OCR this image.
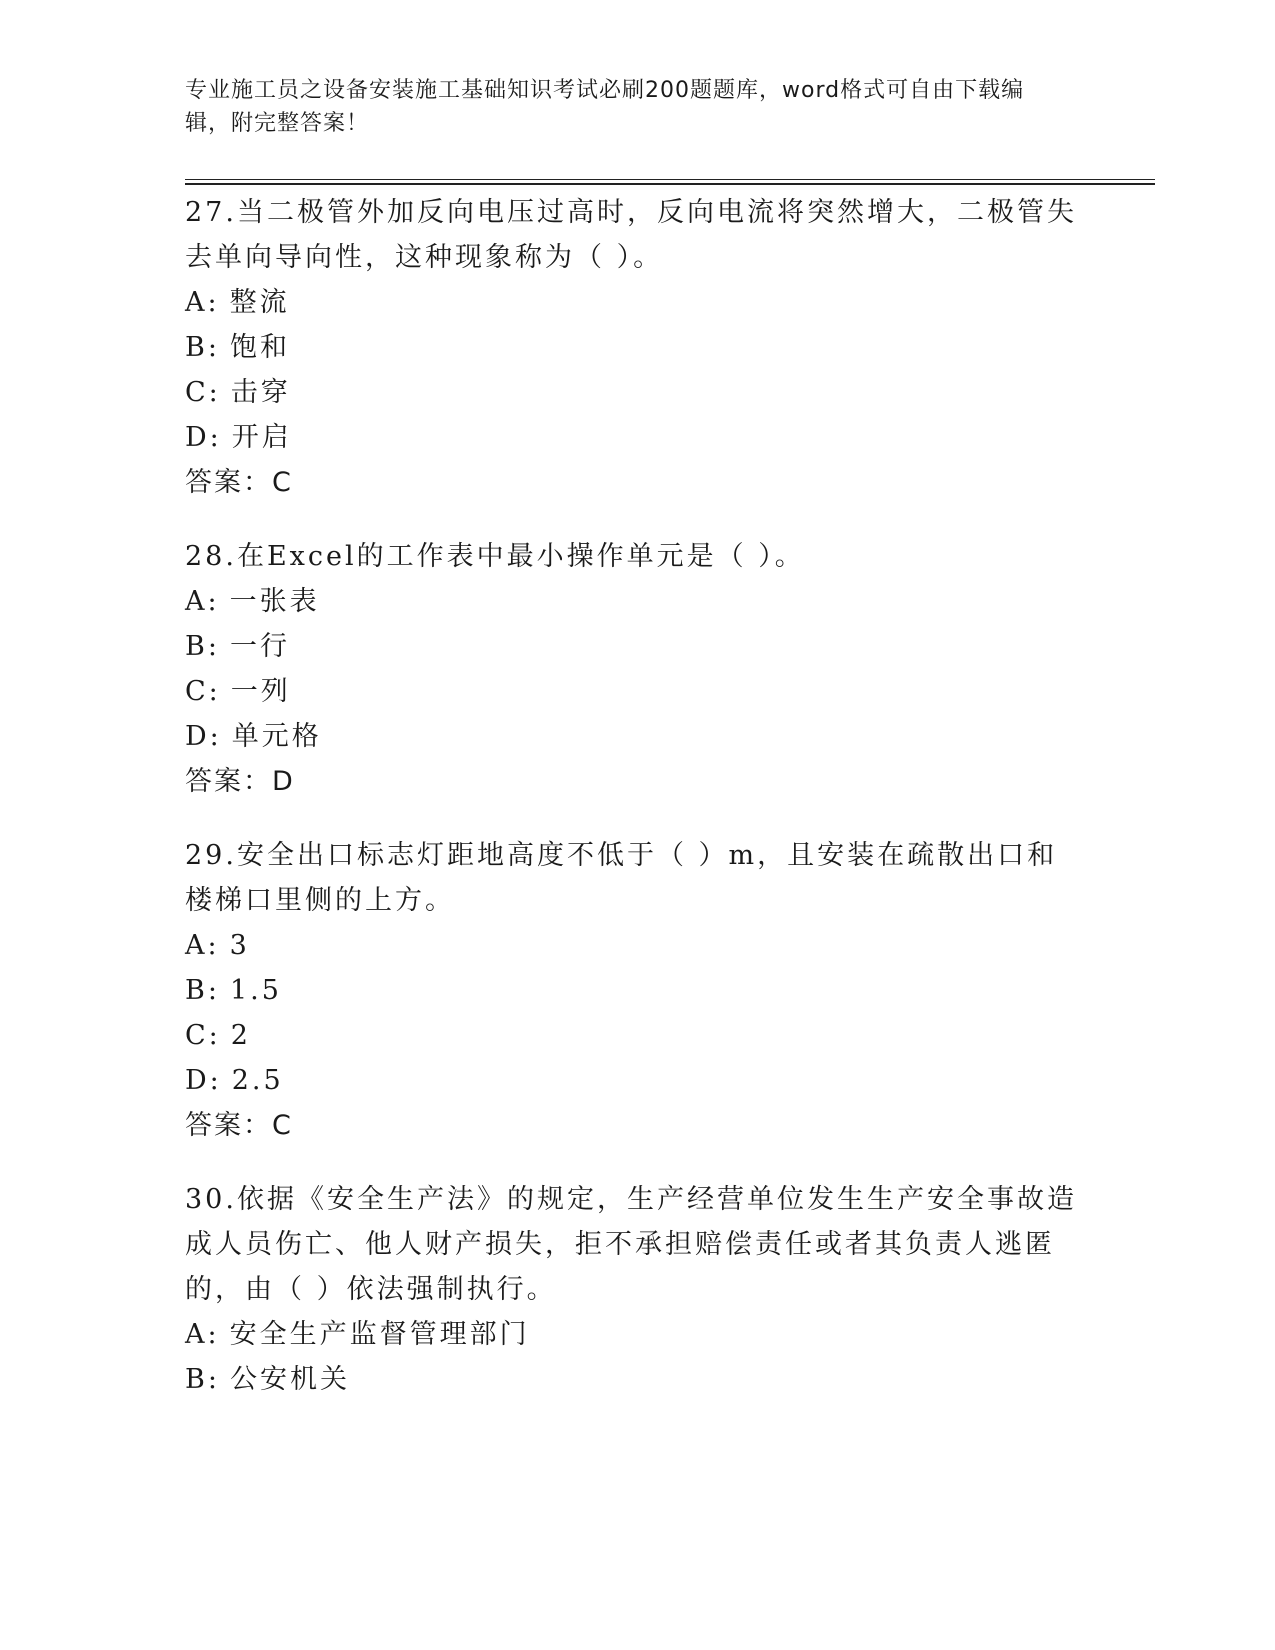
专业施工员之设备安装施工基础知识考试必刷200题题库，word格式可自由下载编辑，附完整答案！
27.当二极管外加反向电压过高时，反向电流将突然增大，二极管失去单向导向性，这种现象称为（ ）。
A: 整流
B: 饱和
C: 击穿
D: 开启
答案：C
28.在Excel的工作表中最小操作单元是（ ）。
A: 一张表
B: 一行
C: 一列
D: 单元格
答案：D
29.安全出口标志灯距地高度不低于（ ）m，且安装在疏散出口和楼梯口里侧的上方。
A: 3
B: 1.5
C: 2
D: 2.5
答案：C
30.依据《安全生产法》的规定，生产经营单位发生生产安全事故造成人员伤亡、他人财产损失，拒不承担赔偿责任或者其负责人逃匿的，由（ ）依法强制执行。
A: 安全生产监督管理部门
B: 公安机关
